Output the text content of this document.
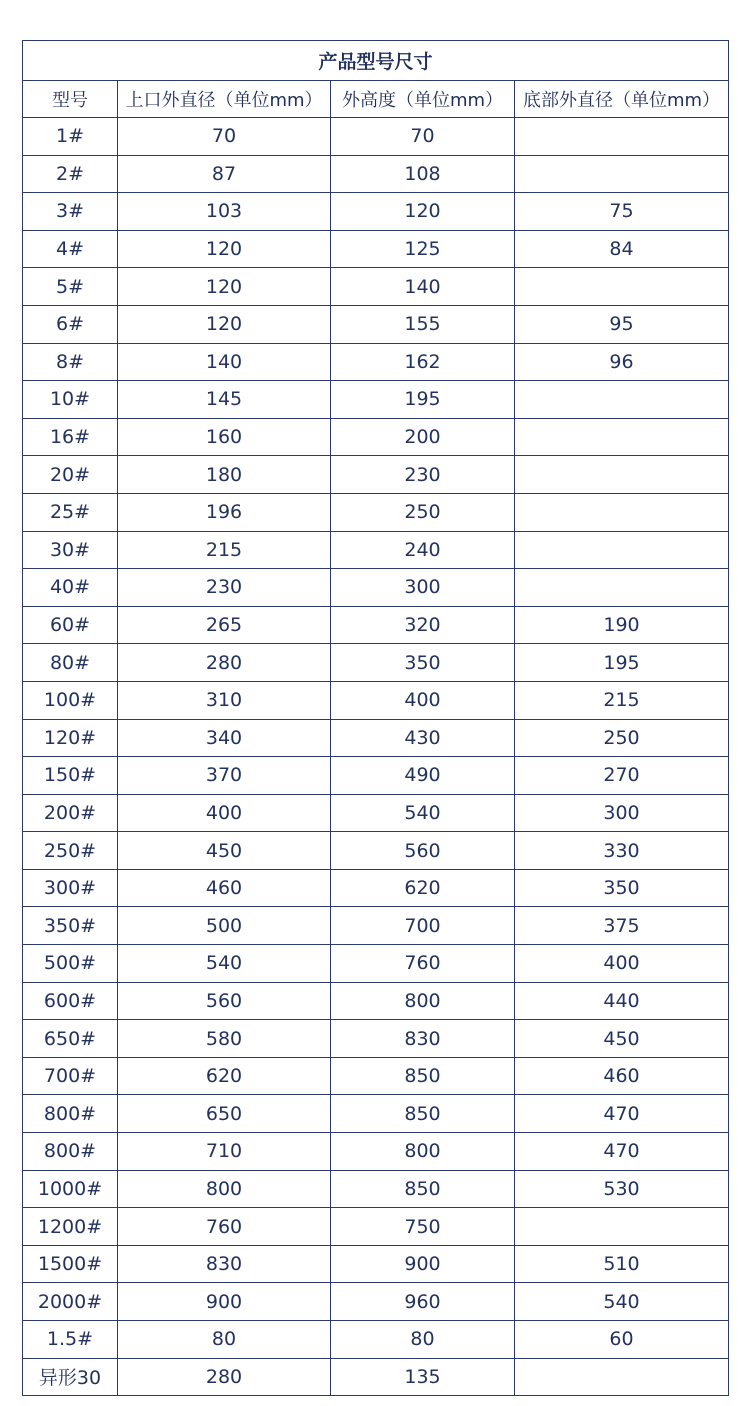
产品型号尺寸			
型号	上口外直径（单位mm）	外高度（单位mm）	底部外直径（单位mm）
1#	70	70	
2#	87	108	
3#	103	120	75
4#	120	125	84
5#	120	140	
6#	120	155	95
8#	140	162	96
10#	145	195	
16#	160	200	
20#	180	230	
25#	196	250	
30#	215	240	
40#	230	300	
60#	265	320	190
80#	280	350	195
100#	310	400	215
120#	340	430	250
150#	370	490	270
200#	400	540	300
250#	450	560	330
300#	460	620	350
350#	500	700	375
500#	540	760	400
600#	560	800	440
650#	580	830	450
700#	620	850	460
800#	650	850	470
800#	710	800	470
1000#	800	850	530
1200#	760	750	
1500#	830	900	510
2000#	900	960	540
1.5#	80	80	60
异形30	280	135	
